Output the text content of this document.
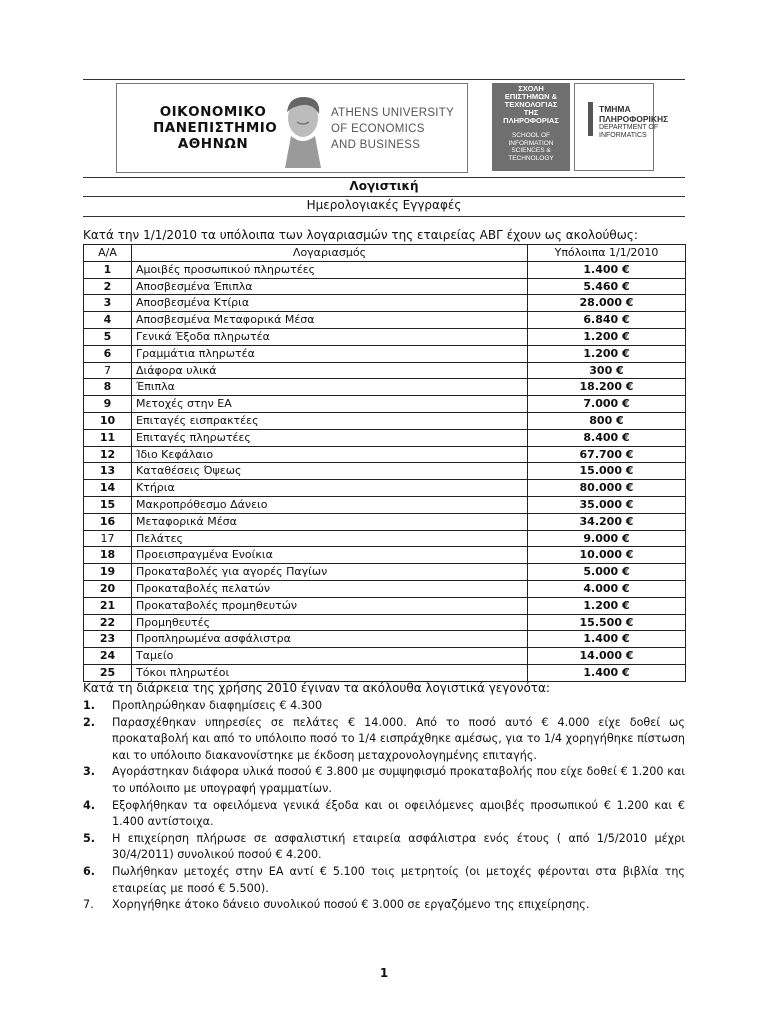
ΟΙΚΟΝΟΜΙΚΟ
ΠΑΝΕΠΙΣΤΗΜΙΟ
ΑΘΗΝΩΝ
ATHENS UNIVERSITY
OF ECONOMICS
AND BUSINESS
ΣΧΟΛΗ
ΕΠΙΣΤΗΜΩΝ &
ΤΕΧΝΟΛΟΓΙΑΣ
ΤΗΣ
ΠΛΗΡΟΦΟΡΙΑΣ
SCHOOL OF
INFORMATION
SCIENCES &
TECHNOLOGY
ΤΜΗΜΑ
ΠΛΗΡΟΦΟΡΙΚΗΣ
DEPARTMENT OF
INFORMATICS
Λογιστική
Ημερολογιακές Εγγραφές
Κατά την 1/1/2010 τα υπόλοιπα των λογαριασμών της εταιρείας ΑΒΓ έχουν ως ακολούθως:
Α/Α	Λογαριασμός	Υπόλοιπα 1/1/2010
1	Αμοιβές προσωπικού πληρωτέες	1.400 €
2	Αποσβεσμένα Έπιπλα	5.460 €
3	Αποσβεσμένα Κτίρια	28.000 €
4	Αποσβεσμένα Μεταφορικά Μέσα	6.840 €
5	Γενικά Έξοδα πληρωτέα	1.200 €
6	Γραμμάτια πληρωτέα	1.200 €
7	Διάφορα υλικά	300 €
8	Έπιπλα	18.200 €
9	Μετοχές στην ΕΑ	7.000 €
10	Επιταγές εισπρακτέες	800 €
11	Επιταγές πληρωτέες	8.400 €
12	Ίδιο Κεφάλαιο	67.700 €
13	Καταθέσεις Όψεως	15.000 €
14	Κτήρια	80.000 €
15	Μακροπρόθεσμο Δάνειο	35.000 €
16	Μεταφορικά Μέσα	34.200 €
17	Πελάτες	9.000 €
18	Προεισπραγμένα Ενοίκια	10.000 €
19	Προκαταβολές για αγορές Παγίων	5.000 €
20	Προκαταβολές πελατών	4.000 €
21	Προκαταβολές προμηθευτών	1.200 €
22	Προμηθευτές	15.500 €
23	Προπληρωμένα ασφάλιστρα	1.400 €
24	Ταμείο	14.000 €
25	Τόκοι πληρωτέοι	1.400 €
Κατά τη διάρκεια της χρήσης 2010 έγιναν τα ακόλουθα λογιστικά γεγονότα:
1. Προπληρώθηκαν διαφημίσεις € 4.300
2. Παρασχέθηκαν υπηρεσίες σε πελάτες € 14.000. Από το ποσό αυτό € 4.000 είχε δοθεί ως προκαταβολή και από το υπόλοιπο ποσό το 1/4 εισπράχθηκε αμέσως, για το 1/4 χορηγήθηκε πίστωση και το υπόλοιπο διακανονίστηκε με έκδοση μεταχρονολογημένης επιταγής.
3. Αγοράστηκαν διάφορα υλικά ποσού € 3.800 με συμψηφισμό προκαταβολής που είχε δοθεί € 1.200 και το υπόλοιπο με υπογραφή γραμματίων.
4. Εξοφλήθηκαν τα οφειλόμενα γενικά έξοδα και οι οφειλόμενες αμοιβές προσωπικού € 1.200 και € 1.400 αντίστοιχα.
5. Η επιχείρηση πλήρωσε σε ασφαλιστική εταιρεία ασφάλιστρα ενός έτους ( από 1/5/2010 μέχρι 30/4/2011) συνολικού ποσού € 4.200.
6. Πωλήθηκαν μετοχές στην ΕΑ αντί € 5.100 τοις μετρητοίς (οι μετοχές φέρονται στα βιβλία της εταιρείας με ποσό € 5.500).
7. Χορηγήθηκε άτοκο δάνειο συνολικού ποσού € 3.000 σε εργαζόμενο της επιχείρησης.
1
